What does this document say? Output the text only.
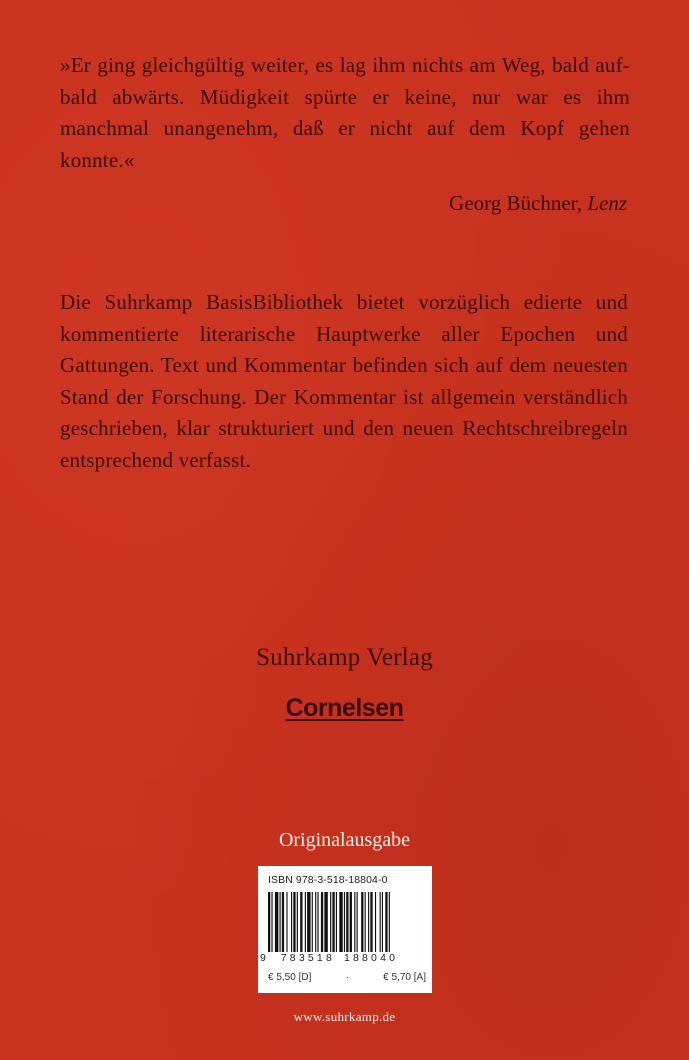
»Er ging gleichgültig weiter, es lag ihm nichts am Weg, bald auf- bald abwärts. Müdigkeit spürte er keine, nur war es ihm manchmal unangenehm, daß er nicht auf dem Kopf gehen konnte.«
Georg Büchner, Lenz
Die Suhrkamp BasisBibliothek bietet vorzüglich edierte und kommentierte literarische Hauptwerke aller Epochen und Gattungen. Text und Kommentar befinden sich auf dem neuesten Stand der Forschung. Der Kommentar ist allgemein verständlich geschrieben, klar strukturiert und den neuen Rechtschreibregeln entsprechend verfasst.
Suhrkamp Verlag
Cornelsen
Originalausgabe
ISBN 978-3-518-18804-0
9 783518 188040
€ 5,50 [D]	·	€ 5,70 [A]
www.suhrkamp.de
